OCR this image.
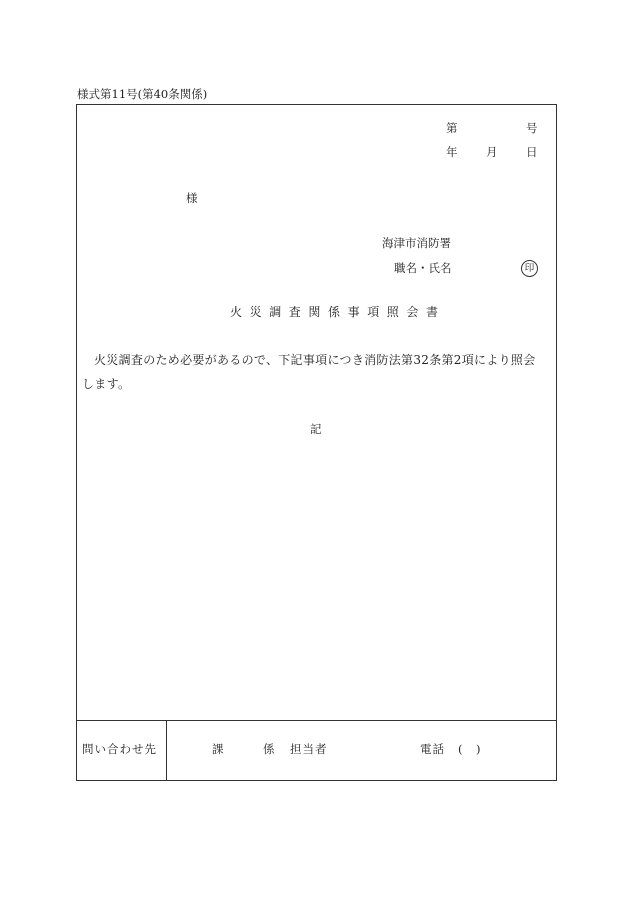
様式第11号(第40条関係)
第	号
年 月 日
様
海津市消防署
職名・氏名	印
火災調査関係事項照会書
火災調査のため必要があるので、下記事項につき消防法第32条第2項により照会
します。
記
問い合わせ先	課	係 担当者	電話 ( )
